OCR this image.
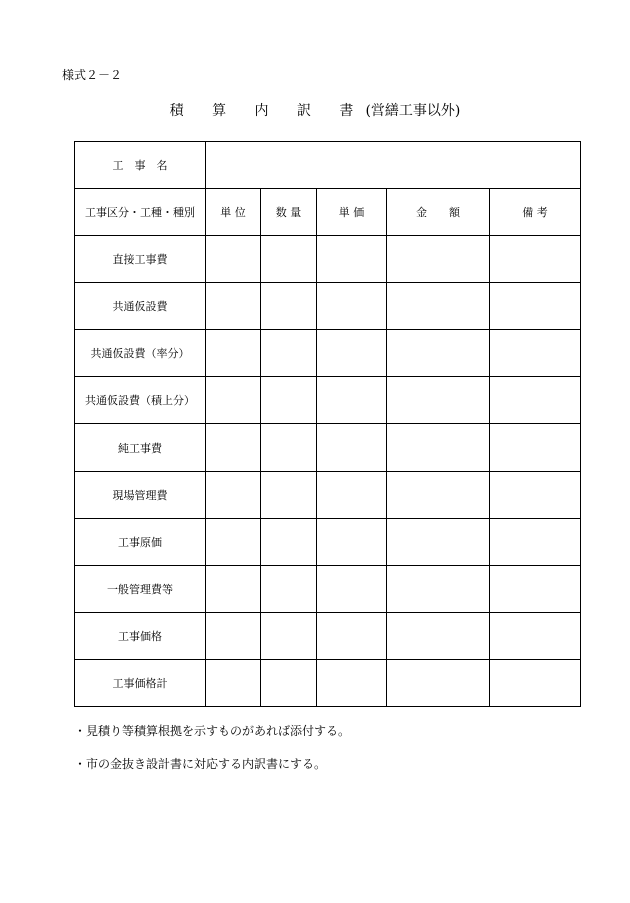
様式２－２
積 算 内 訳 書(営繕工事以外)
工　事　名					
工事区分・工種・種別	単 位	数 量	単 価	金　　額	備 考
直接工事費					
共通仮設費					
共通仮設費（率分）					
共通仮設費（積上分）					
純工事費					
現場管理費					
工事原価					
一般管理費等					
工事価格					
工事価格計					
・見積り等積算根拠を示すものがあれば添付する。
・市の金抜き設計書に対応する内訳書にする。
